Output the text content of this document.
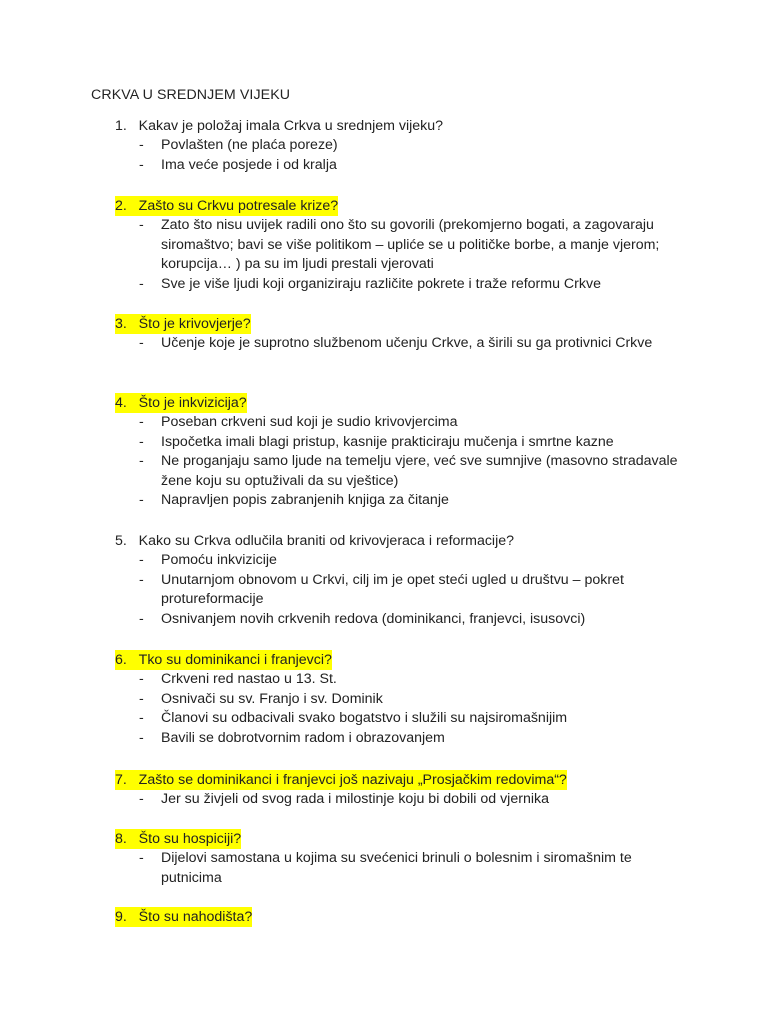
CRKVA U SREDNJEM VIJEKU
1. Kakav je položaj imala Crkva u srednjem vijeku?
- Povlašten (ne plaća poreze)
- Ima veće posjede i od kralja
2. Zašto su Crkvu potresale krize?
- Zato što nisu uvijek radili ono što su govorili (prekomjerno bogati, a zagovaraju siromaštvo; bavi se više politikom – upliće se u političke borbe, a manje vjerom; korupcija… ) pa su im ljudi prestali vjerovati
- Sve je više ljudi koji organiziraju različite pokrete i traže reformu Crkve
3. Što je krivovjerje?
- Učenje koje je suprotno službenom učenju Crkve, a širili su ga protivnici Crkve
4. Što je inkvizicija?
- Poseban crkveni sud koji je sudio krivovjercima
- Ispočetka imali blagi pristup, kasnije prakticiraju mučenja i smrtne kazne
- Ne proganjaju samo ljude na temelju vjere, već sve sumnjive (masovno stradavale žene koju su optuživali da su vještice)
- Napravljen popis zabranjenih knjiga za čitanje
5. Kako su Crkva odlučila braniti od krivovjeraca i reformacije?
- Pomoću inkvizicije
- Unutarnjom obnovom u Crkvi, cilj im je opet steći ugled u društvu – pokret protureformacije
- Osnivanjem novih crkvenih redova (dominikanci, franjevci, isusovci)
6. Tko su dominikanci i franjevci?
- Crkveni red nastao u 13. St.
- Osnivači su sv. Franjo i sv. Dominik
- Članovi su odbacivali svako bogatstvo i služili su najsiromašnijim
- Bavili se dobrotvornim radom i obrazovanjem
7. Zašto se dominikanci i franjevci još nazivaju „Prosjačkim redovima“?
- Jer su živjeli od svog rada i milostinje koju bi dobili od vjernika
8. Što su hospiciji?
- Dijelovi samostana u kojima su svećenici brinuli o bolesnim i siromašnim te putnicima
9. Što su nahodišta?
